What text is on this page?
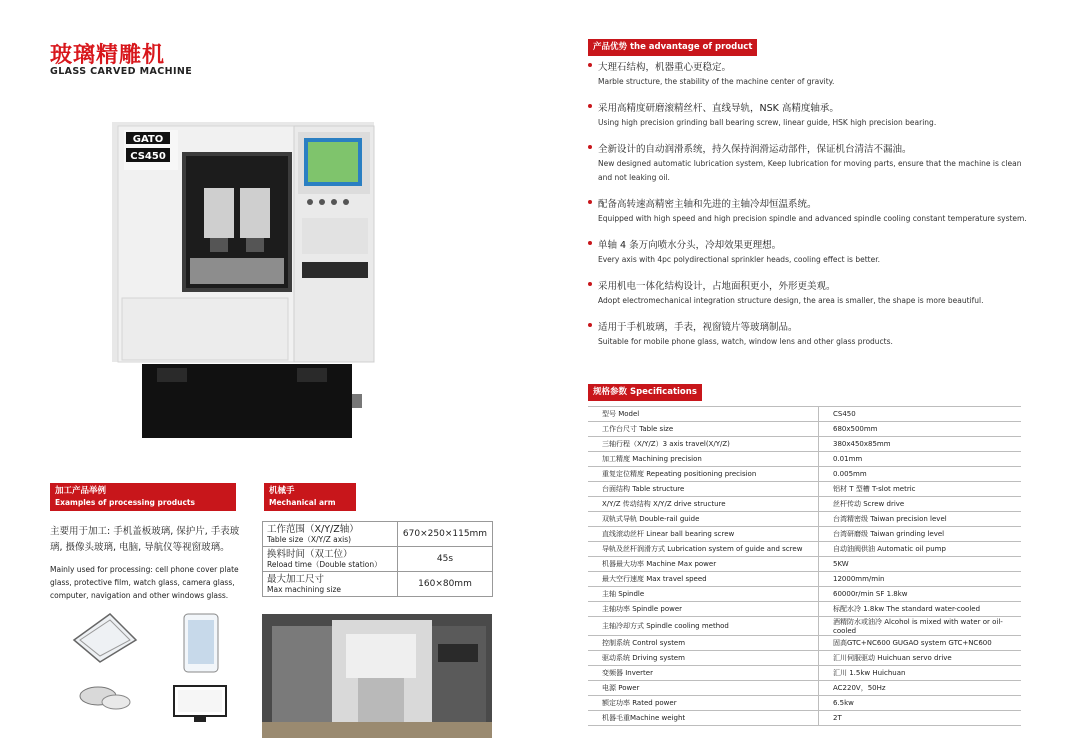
玻璃精雕机
GLASS CARVED MACHINE
GATO
CS450
产品优势 the advantage of product
大理石结构，机器重心更稳定。
Marble structure, the stability of the machine center of gravity.
采用高精度研磨滚精丝杆、直线导轨，NSK 高精度轴承。
Using high precision grinding ball bearing screw, linear guide, HSK high precision bearing.
全新设计的自动润滑系统，持久保持润滑运动部件，保证机台清洁不漏油。
New designed automatic lubrication system, Keep lubrication for moving parts, ensure that the machine is clean and not leaking oil.
配备高转速高精密主轴和先进的主轴冷却恒温系统。
Equipped with high speed and high precision spindle and advanced spindle cooling constant temperature system.
单轴 4 条万向喷水分头，冷却效果更理想。
Every axis with 4pc polydirectional sprinkler heads, cooling effect is better.
采用机电一体化结构设计，占地面积更小，外形更美观。
Adopt electromechanical integration structure design, the area is smaller, the shape is more beautiful.
适用于手机玻璃，手表，视窗镜片等玻璃制品。
Suitable for mobile phone glass, watch, window lens and other glass products.
规格参数 Specifications
型号 Model	CS450
工作台尺寸 Table size	680x500mm
三轴行程（X/Y/Z）3 axis travel(X/Y/Z)	380x450x85mm
加工精度 Machining precision	0.01mm
重复定位精度 Repeating positioning precision	0.005mm
台面结构 Table structure	铝材 T 型槽 T-slot metric
X/Y/Z 传动结构 X/Y/Z drive structure	丝杆传动 Screw drive
双轨式导轨 Double-rail guide	台湾精密级 Taiwan precision level
直线滚动丝杆 Linear ball bearing screw	台湾研磨级 Taiwan grinding level
导轨及丝杆润滑方式 Lubrication system of guide and screw	自动油阀供油 Automatic oil pump
机器最大功率 Machine Max power	5KW
最大空行速度 Max travel speed	12000mm/min
主轴 Spindle	60000r/min SF 1.8kw
主轴功率 Spindle power	标配水冷 1.8kw The standard water-cooled
主轴冷却方式 Spindle cooling method	酒精防水或油冷 Alcohol is mixed with water or oil-cooled
控制系统 Control system	固高GTC+NC600 GUGAO system GTC+NC600
驱动系统 Driving system	汇川伺服驱动 Huichuan servo drive
变频器 Inverter	汇川 1.5kw Huichuan
电源 Power	AC220V，50Hz
额定功率 Rated power	6.5kw
机器毛重Machine weight	2T
加工产品举例
Examples of processing products
主要用于加工: 手机盖板玻璃, 保护片, 手表玻璃, 摄像头玻璃, 电脑, 导航仪等视窗玻璃。
Mainly used for processing: cell phone cover plate glass, protective film, watch glass, camera glass, computer, navigation and other windows glass.
机械手
Mechanical arm
工作范围（X/Y/Z轴）
Table size（X/Y/Z axis)	670×250×115mm

换料时间（双工位）
Reload time（Double station）	45s

最大加工尺寸
Max machining size	160×80mm
